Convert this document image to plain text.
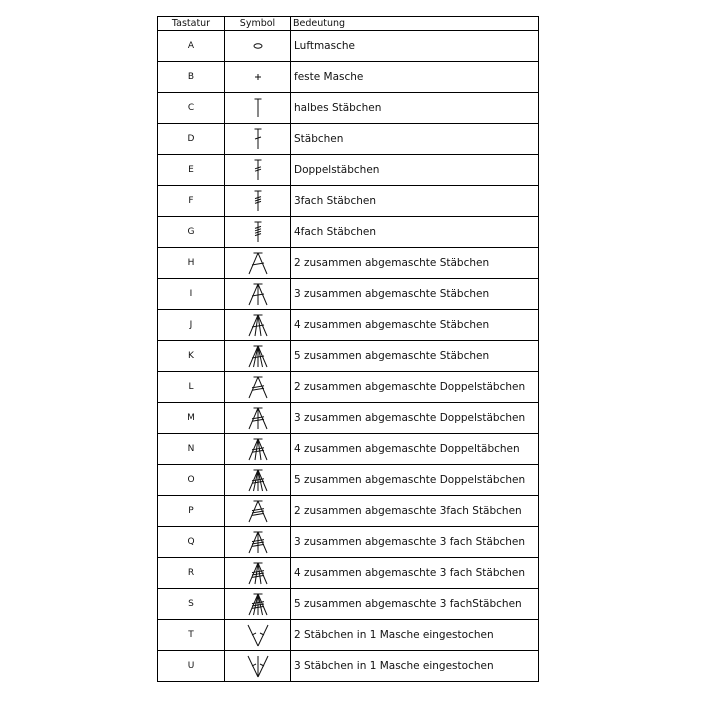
Tastatur	Symbol	Bedeutung
A	Luftmasche
B	feste Masche
C	halbes Stäbchen
D	Stäbchen
E	Doppelstäbchen
F	3fach Stäbchen
G	4fach Stäbchen
H	2 zusammen abgemaschte Stäbchen
I	3 zusammen abgemaschte Stäbchen
J	4 zusammen abgemaschte Stäbchen
K	5 zusammen abgemaschte Stäbchen
L	2 zusammen abgemaschte Doppelstäbchen
M	3 zusammen abgemaschte Doppelstäbchen
N	4 zusammen abgemaschte Doppeltäbchen
O	5 zusammen abgemaschte Doppelstäbchen
P	2 zusammen abgemaschte 3fach Stäbchen
Q	3 zusammen abgemaschte 3 fach Stäbchen
R	4 zusammen abgemaschte 3 fach Stäbchen
S	5 zusammen abgemaschte 3 fachStäbchen
T	2 Stäbchen in 1 Masche eingestochen
U	3 Stäbchen in 1 Masche eingestochen
